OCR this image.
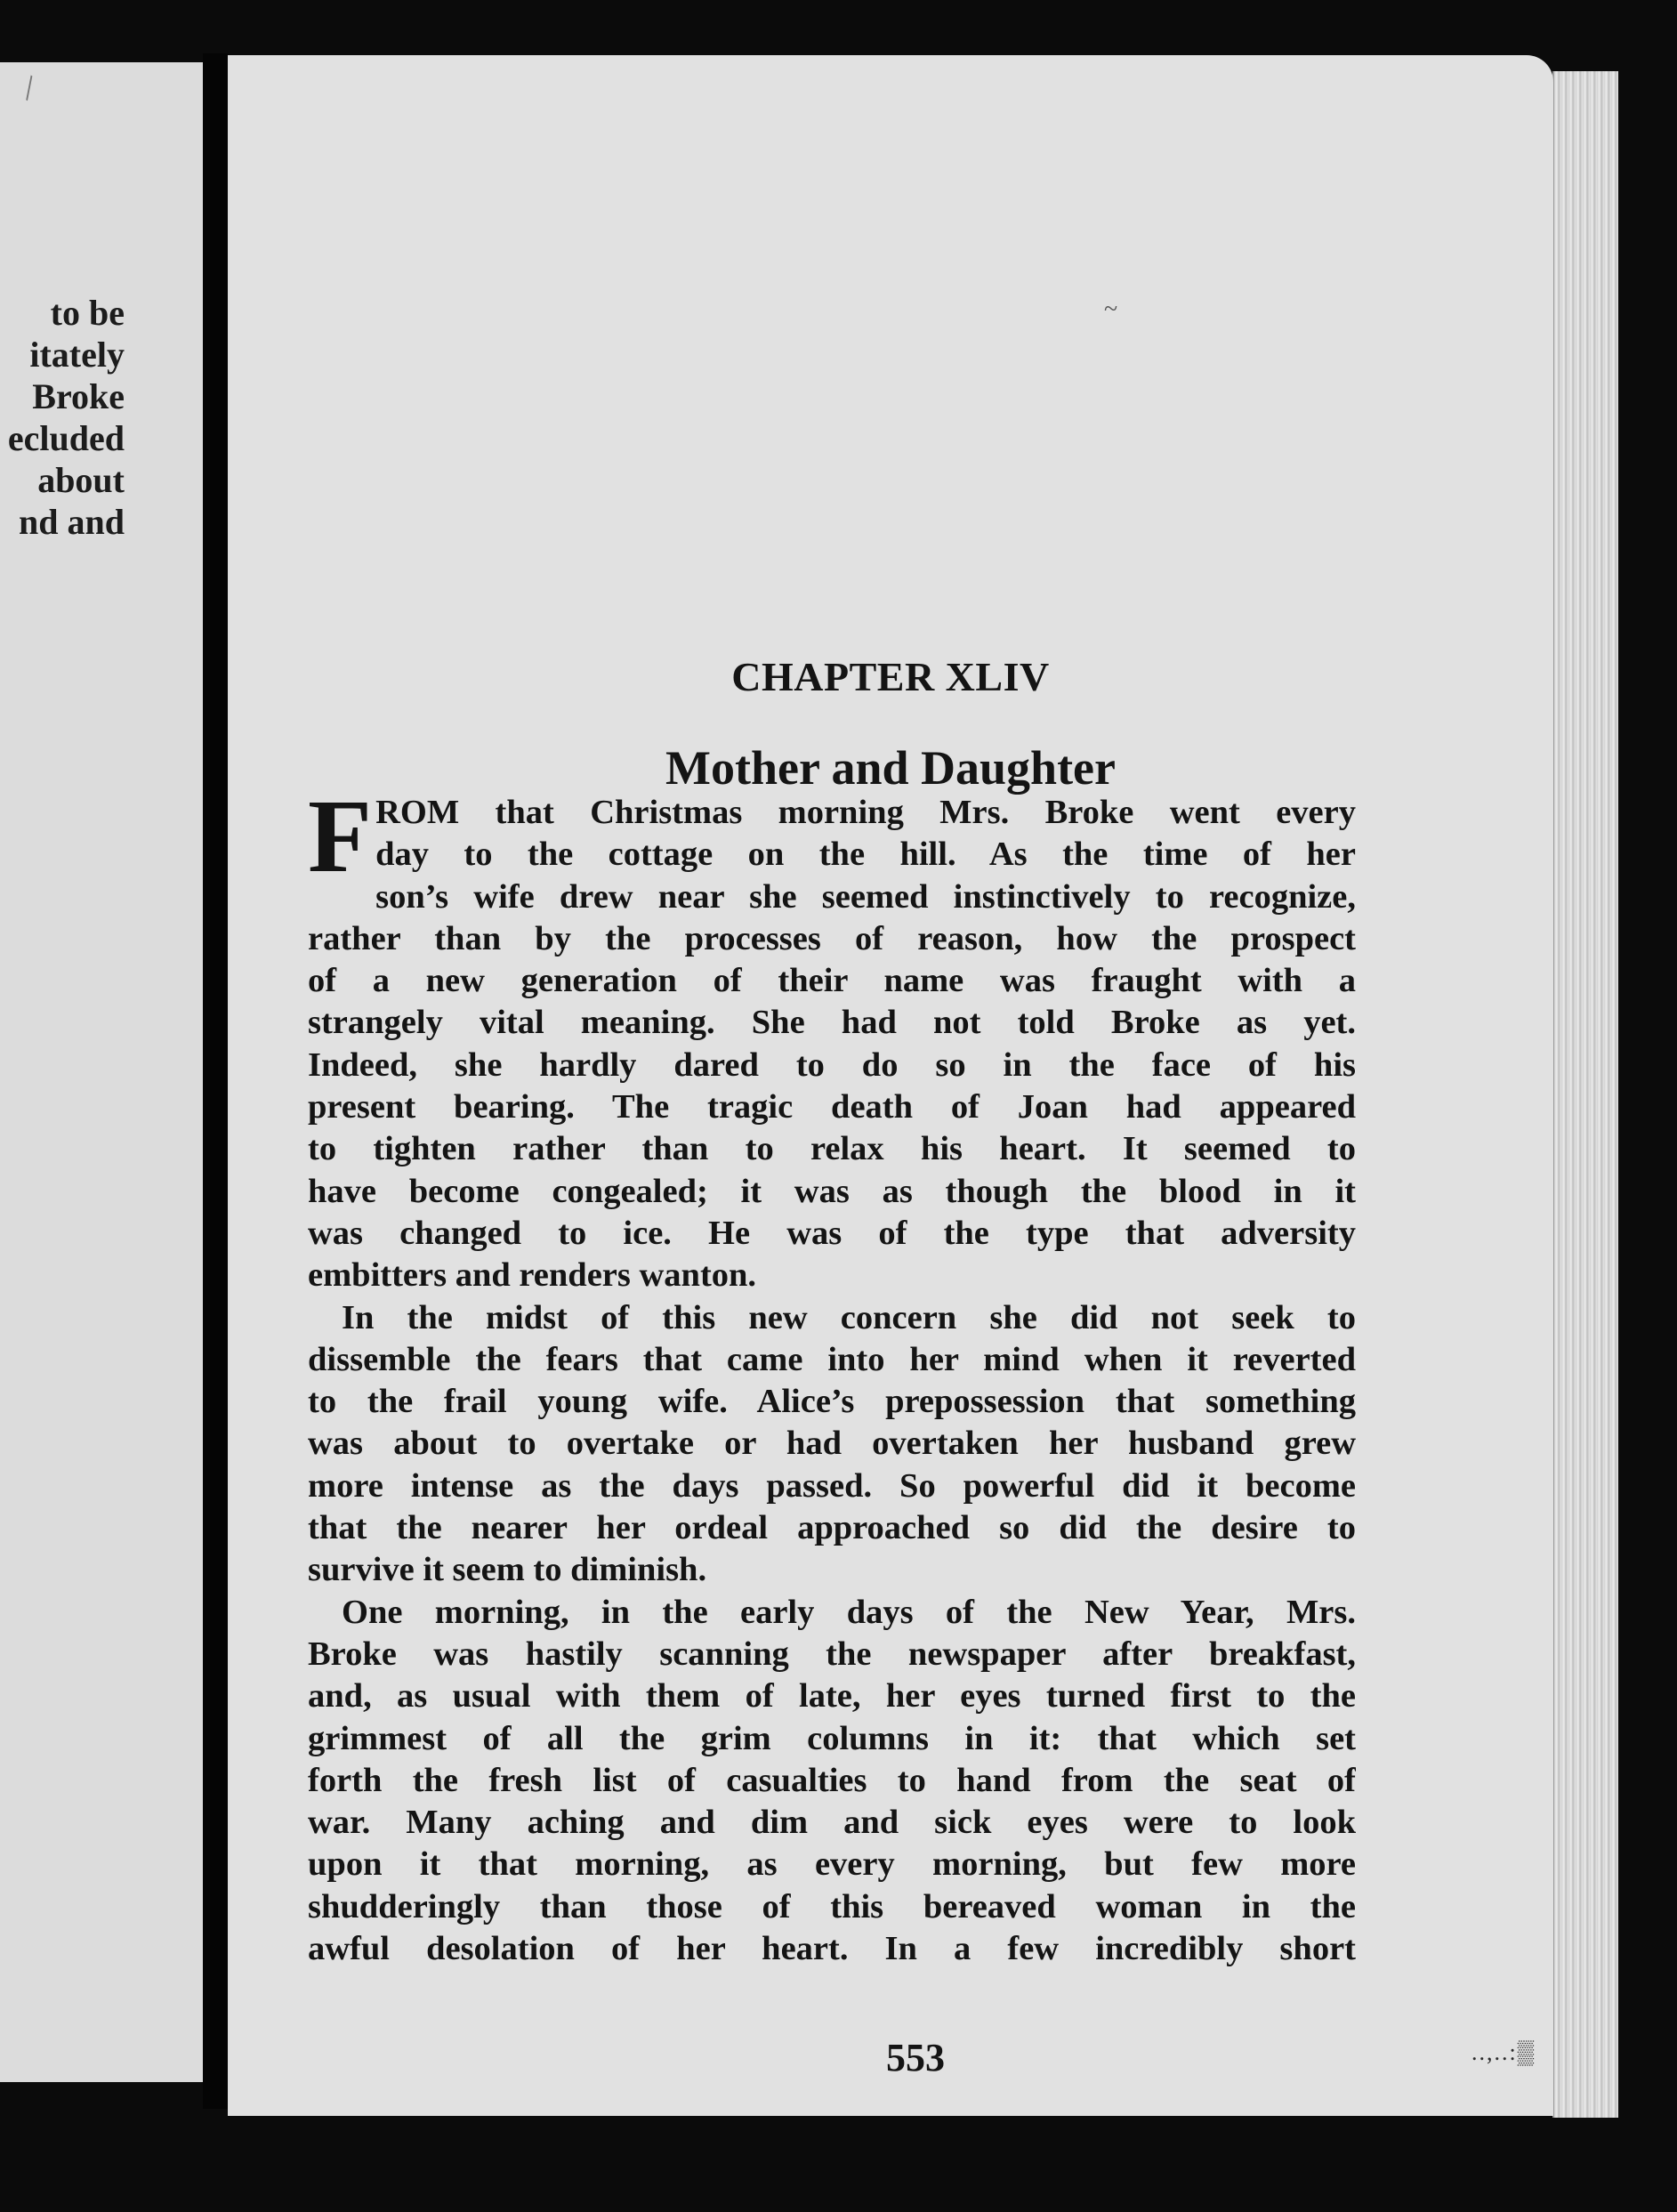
\
to be
itately
Broke
ecluded
about
nd and
~
CHAPTER XLIV
Mother and Daughter
553	..,..:▒
F ROM that Christmas morning Mrs. Broke went every
day to the cottage on the hill. As the time of her
son’s wife drew near she seemed instinctively to recognize,
rather than by the processes of reason, how the prospect
of a new generation of their name was fraught with a
strangely vital meaning. She had not told Broke as yet.
Indeed, she hardly dared to do so in the face of his
present bearing. The tragic death of Joan had appeared
to tighten rather than to relax his heart. It seemed to
have become congealed; it was as though the blood in it
was changed to ice. He was of the type that adversity
embitters and renders wanton.
In the midst of this new concern she did not seek to
dissemble the fears that came into her mind when it reverted
to the frail young wife. Alice’s prepossession that something
was about to overtake or had overtaken her husband grew
more intense as the days passed. So powerful did it become
that the nearer her ordeal approached so did the desire to
survive it seem to diminish.
One morning, in the early days of the New Year, Mrs.
Broke was hastily scanning the newspaper after breakfast,
and, as usual with them of late, her eyes turned first to the
grimmest of all the grim columns in it: that which set
forth the fresh list of casualties to hand from the seat of
war. Many aching and dim and sick eyes were to look
upon it that morning, as every morning, but few more
shudderingly than those of this bereaved woman in the
awful desolation of her heart. In a few incredibly short
